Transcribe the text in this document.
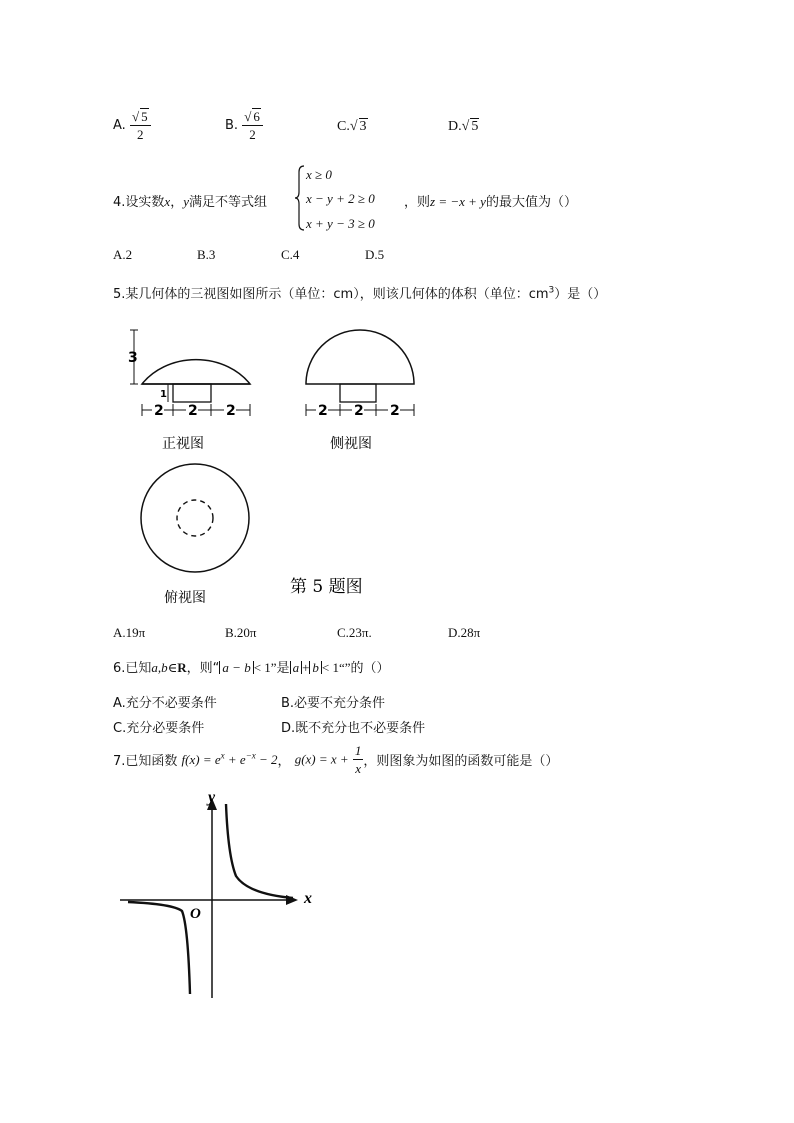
A. $\frac{√ 5}{2}$	B. $\frac{√ 6}{2}$	C.√ 3	D.√ 5
4.设实数x，y满足不等式组
x ≥ 0
x − y + 2 ≥ 0
x + y − 3 ≥ 0
，则z = −x + y的最大值为（）
A.2	B.3	C.4	D.5
5.某几何体的三视图如图所示（单位：cm），则该几何体的体积（单位：$cm^3$）是（）
3
1
2 2 2
正视图
2 2 2
侧视图
俯视图
第 5 题图
A.19π	B.20π	C.23π.	D.28π
6.已知a,b∈R，则“ a − b < 1”是 a + b < 1“”的（）
A.充分不必要条件	B.必要不充分条件
C.充分必要条件	D.既不充分也不必要条件
7.已知函数 $f(x) = e^x + e^{-x} - 2$， $g(x) = x + \frac{1}{x}$ ，则图象为如图的函数可能是（）
x
y
O
